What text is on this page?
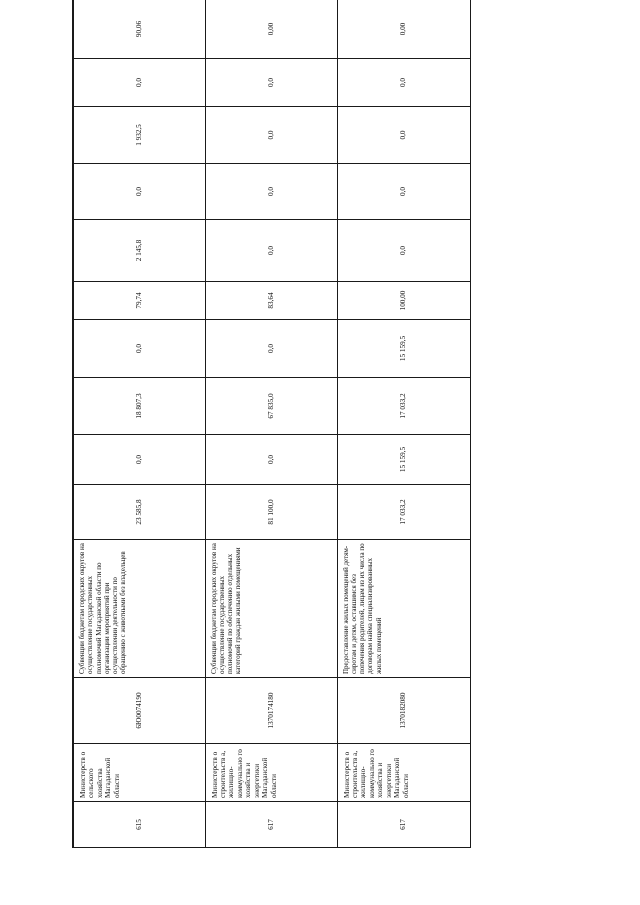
615	Министерств о сельского хозяйства Магаданской области	6Ю0074190	Субвенции бюджетам городских округов на осуществление государственных полномочий Магаданской области по организации мероприятий при осуществлении деятельности по обращению с животными без владельцев	23 585,8	0,0	18 807,3	0,0	79,74	2 145,8	0,0	1 932,5	0,0	90,06
617	Министерств о строительств а, жилищно-коммунально го хозяйства и энергетики Магаданской области	1370174180	Субвенции бюджетам городских округов на осуществление государственных полномочий по обеспечению отдельных категорий граждан жилыми помещениями	81 100,0	0,0	67 835,0	0,0	83,64	0,0	0,0	0,0	0,0	0,00
617	Министерств о строительств а, жилищно-коммунально го хозяйства и энергетики Магаданской области	1370182080	Предоставление жилых помещений детям-сиротам и детям, оставшимся без попечения родителей, лицам из их числа по договорам найма специализированных жилых помещений	17 033,2	15 159,5	17 033,2	15 159,5	100,00	0,0	0,0	0,0	0,0	0,00
